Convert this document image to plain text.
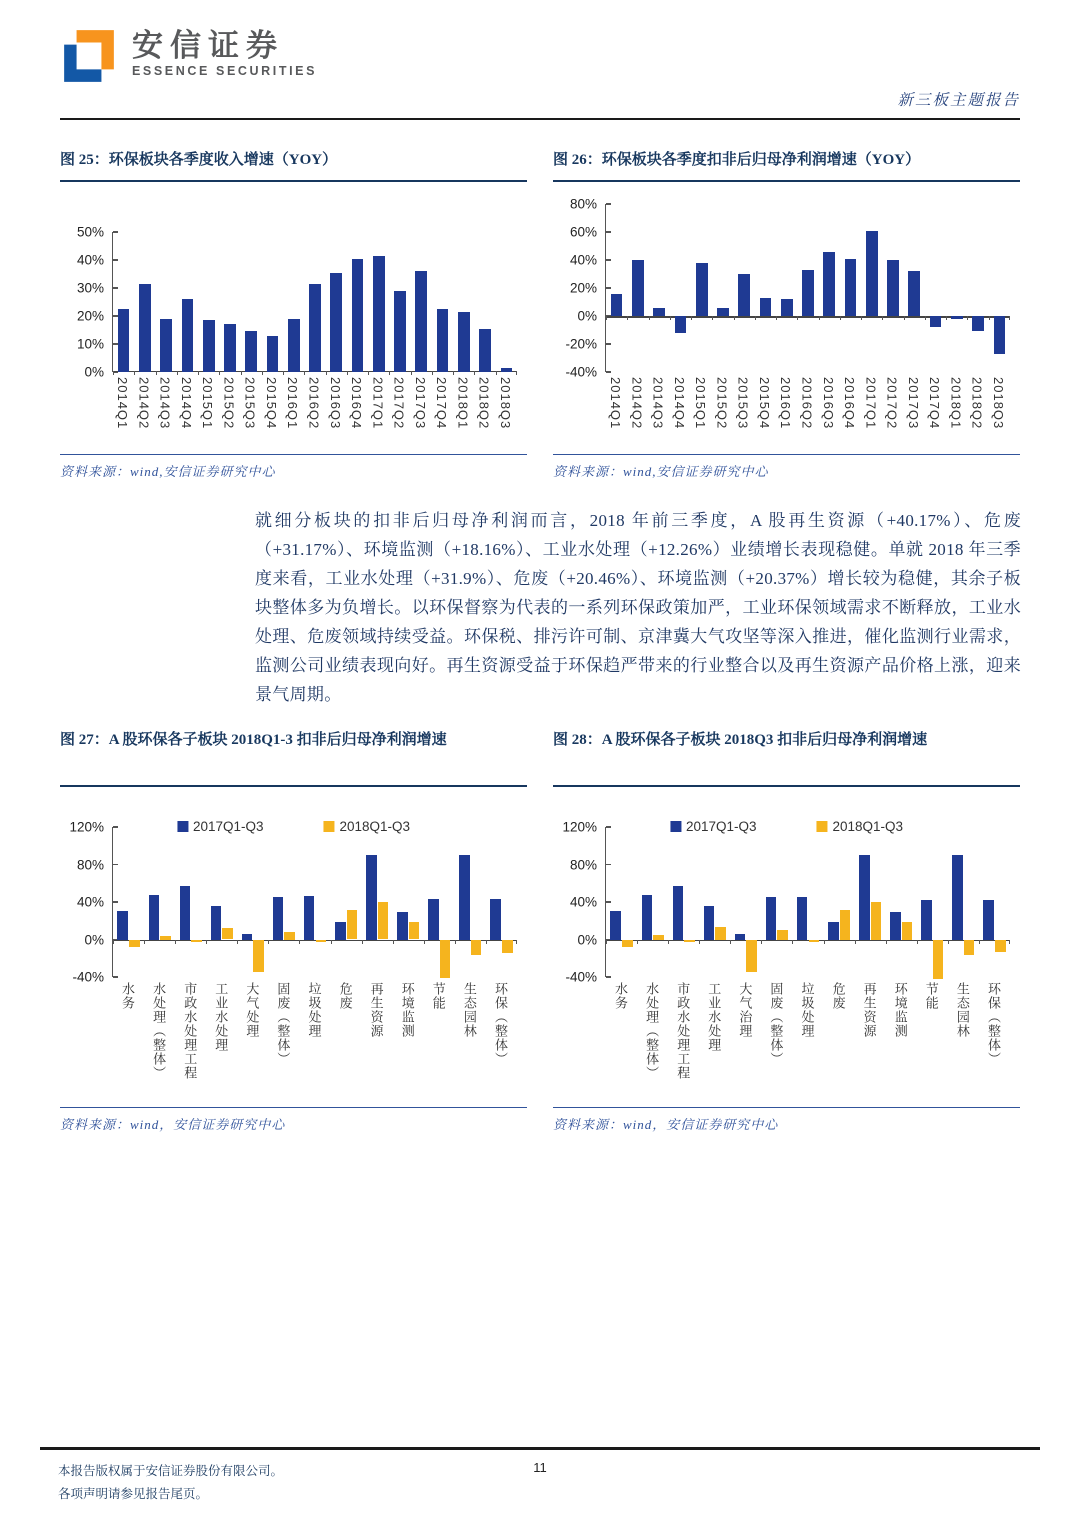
安信证券
ESSENCE SECURITIES
新三板主题报告
图 25：环保板块各季度收入增速（YOY）
0%
10%
20%
30%
40%
50%
2014Q1 2014Q2 2014Q3 2014Q4 2015Q1 2015Q2 2015Q3 2015Q4 2016Q1 2016Q2 2016Q3 2016Q4 2017Q1 2017Q2 2017Q3 2017Q4 2018Q1 2018Q2 2018Q3
资料来源：wind,安信证券研究中心
图 26：环保板块各季度扣非后归母净利润增速（YOY）
-40%
-20%
0%
20%
40%
60%
80%
2014Q1 2014Q2 2014Q3 2014Q4 2015Q1 2015Q2 2015Q3 2015Q4 2016Q1 2016Q2 2016Q3 2016Q4 2017Q1 2017Q2 2017Q3 2017Q4 2018Q1 2018Q2 2018Q3
资料来源：wind,安信证券研究中心

就细分板块的扣非后归母净利润而言，2018 年前三季度，A 股再生资源（+40.17%）、危废（+31.17%）、环境监测（+18.16%）、工业水处理（+12.26%）业绩增长表现稳健。单就 2018 年三季度来看，工业水处理（+31.9%）、危废（+20.46%）、环境监测（+20.37%）增长较为稳健，其余子板块整体多为负增长。以环保督察为代表的一系列环保政策加严，工业环保领域需求不断释放，工业水处理、危废领域持续受益。环保税、排污许可制、京津冀大气攻坚等深入推进，催化监测行业需求，监测公司业绩表现向好。再生资源受益于环保趋严带来的行业整合以及再生资源产品价格上涨，迎来景气周期。

图 27：A 股环保各子板块 2018Q1-3 扣非后归母净利润增速
-40%
0%
40%
80%
120%
水务 水处理（整体） 市政水处理工程 工业水处理 大气处理 固废（整体） 垃圾处理 危废 再生资源 环境监测 节能 生态园林 环保（整体）
2017Q1-Q3	2018Q1-Q3
资料来源：wind，安信证券研究中心
图 28：A 股环保各子板块 2018Q3 扣非后归母净利润增速
-40%
0%
40%
80%
120%
水务 水处理（整体） 市政水处理工程 工业水处理 大气治理 固废（整体） 垃圾处理 危废 再生资源 环境监测 节能 生态园林 环保（整体）
2017Q1-Q3	2018Q1-Q3
资料来源：wind，安信证券研究中心
本报告版权属于安信证券股份有限公司。
各项声明请参见报告尾页。
11
